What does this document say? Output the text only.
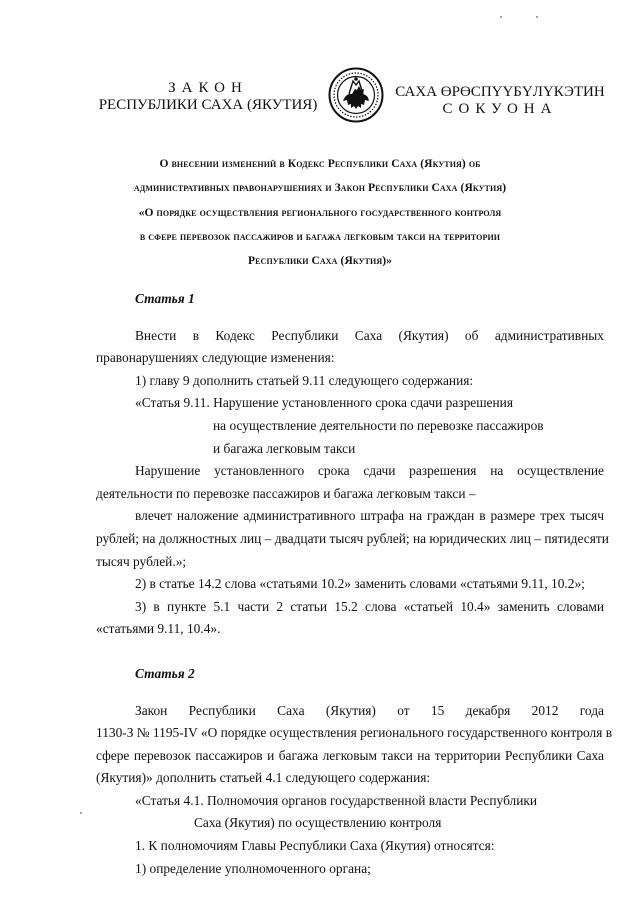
ЗАКОН
РЕСПУБЛИКИ САХА (ЯКУТИЯ)
САХА ӨРӨСПҮҮБҮЛҮКЭТИН
СОКУОНА
О внесении изменений в Кодекс Республики Саха (Якутия) об
административных правонарушениях и Закон Республики Саха (Якутия)
«О порядке осуществления регионального государственного контроля
в сфере перевозок пассажиров и багажа легковым такси на территории
Республики Саха (Якутия)»
Статья 1
Внести в Кодекс Республики Саха (Якутия) об административных
правонарушениях следующие изменения:
1) главу 9 дополнить статьей 9.11 следующего содержания:
«Статья 9.11. Нарушение установленного срока сдачи разрешения
на осуществление деятельности по перевозке пассажиров
и багажа легковым такси
Нарушение установленного срока сдачи разрешения на осуществление
деятельности по перевозке пассажиров и багажа легковым такси –
влечет наложение административного штрафа на граждан в размере трех тысяч
рублей; на должностных лиц – двадцати тысяч рублей; на юридических лиц – пятидесяти
тысяч рублей.»;
2) в статье 14.2 слова «статьями 10.2» заменить словами «статьями 9.11, 10.2»;
3) в пункте 5.1 части 2 статьи 15.2 слова «статьей 10.4» заменить словами
«статьями 9.11, 10.4».
Статья 2
Закон Республики Саха (Якутия) от 15 декабря 2012 года
1130-З № 1195-IV «О порядке осуществления регионального государственного контроля в
сфере перевозок пассажиров и багажа легковым такси на территории Республики Саха
(Якутия)» дополнить статьей 4.1 следующего содержания:
«Статья 4.1. Полномочия органов государственной власти Республики
Саха (Якутия) по осуществлению контроля
1. К полномочиям Главы Республики Саха (Якутия) относятся:
1) определение уполномоченного органа;
